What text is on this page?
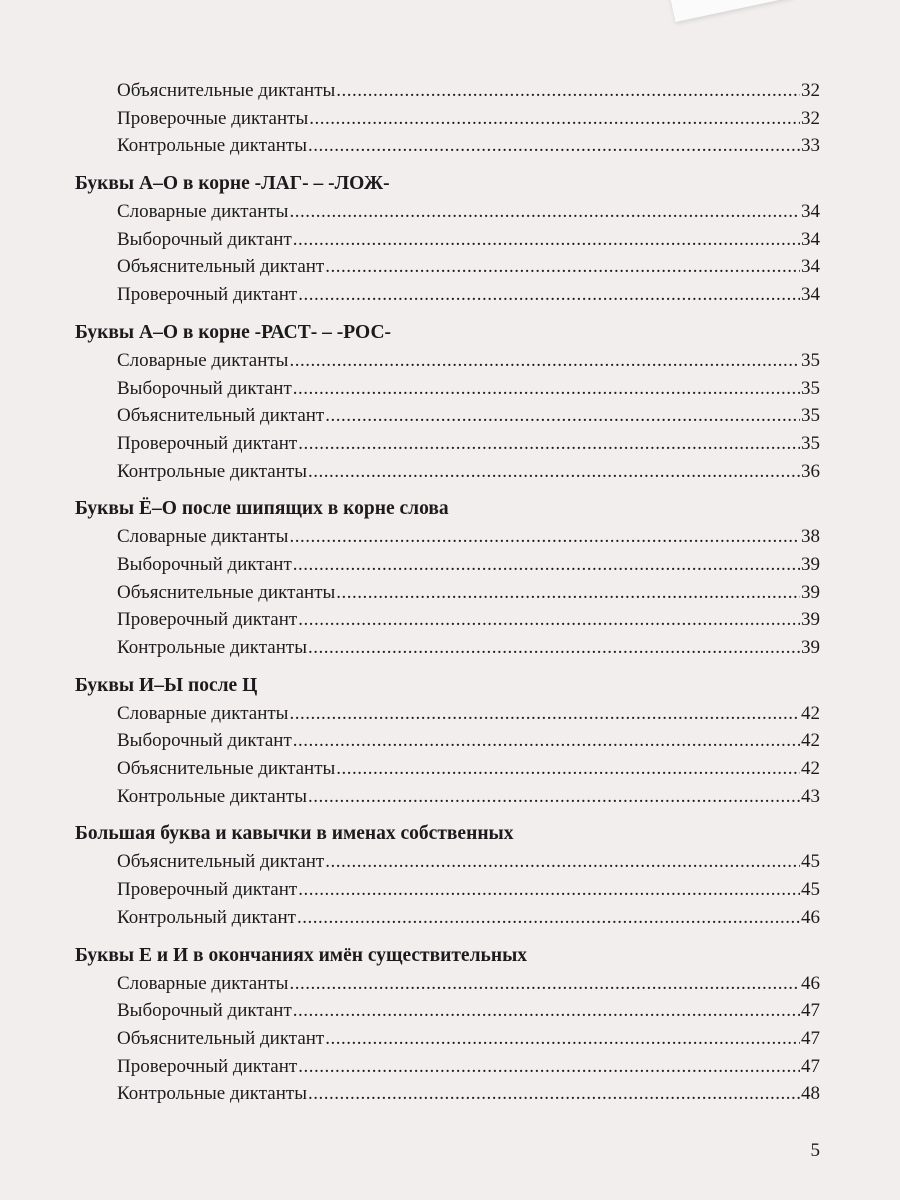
Объяснительные диктанты .....	32
Проверочные диктанты .....	32
Контрольные диктанты .....	33
Буквы А–О в корне -ЛАГ- – -ЛОЖ-
Словарные диктанты .....	34
Выборочный диктант .....	34
Объяснительный диктант .....	34
Проверочный диктант .....	34
Буквы А–О в корне -РАСТ- – -РОС-
Словарные диктанты .....	35
Выборочный диктант .....	35
Объяснительный диктант .....	35
Проверочный диктант .....	35
Контрольные диктанты .....	36
Буквы Ё–О после шипящих в корне слова
Словарные диктанты .....	38
Выборочный диктант .....	39
Объяснительные диктанты .....	39
Проверочный диктант .....	39
Контрольные диктанты .....	39
Буквы И–Ы после Ц
Словарные диктанты .....	42
Выборочный диктант .....	42
Объяснительные диктанты .....	42
Контрольные диктанты .....	43
Большая буква и кавычки в именах собственных
Объяснительный диктант .....	45
Проверочный диктант .....	45
Контрольный диктант .....	46
Буквы Е и И в окончаниях имён существительных
Словарные диктанты .....	46
Выборочный диктант .....	47
Объяснительный диктант .....	47
Проверочный диктант .....	47
Контрольные диктанты .....	48
5
